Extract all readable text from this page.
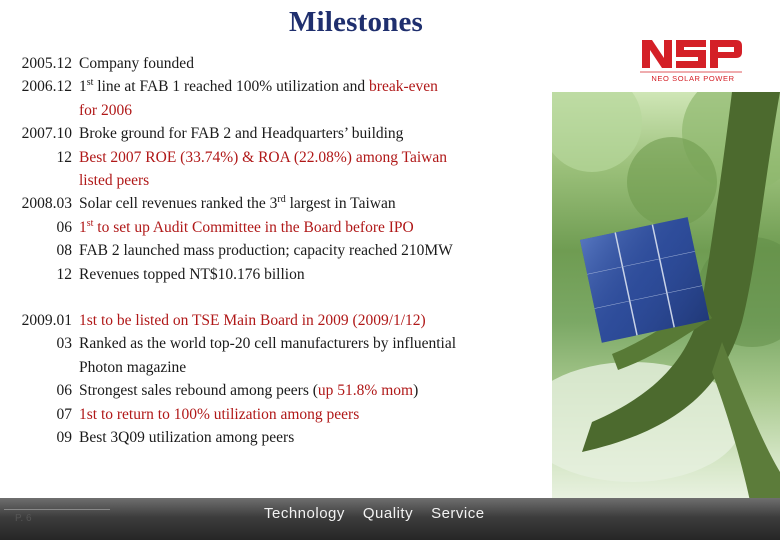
Milestones
NEO SOLAR POWER
2005.12 Company founded
2006.12 1st line at FAB 1 reached 100% utilization and break-even
for 2006
2007.10 Broke ground for FAB 2 and Headquarters’ building
12 Best 2007 ROE (33.74%) & ROA (22.08%) among Taiwan
listed peers
2008.03 Solar cell revenues ranked the 3rd largest in Taiwan
06 1st to set up Audit Committee in the Board before IPO
08 FAB 2 launched mass production; capacity reached 210MW
12 Revenues topped NT$10.176 billion
2009.01 1st to be listed on TSE Main Board in 2009 (2009/1/12)
03 Ranked as the world top-20 cell manufacturers by influential
Photon magazine
06 Strongest sales rebound among peers (up 51.8% mom)
07 1st to return to 100% utilization among peers
09 Best 3Q09 utilization among peers
P. 6	Technology Quality Service
